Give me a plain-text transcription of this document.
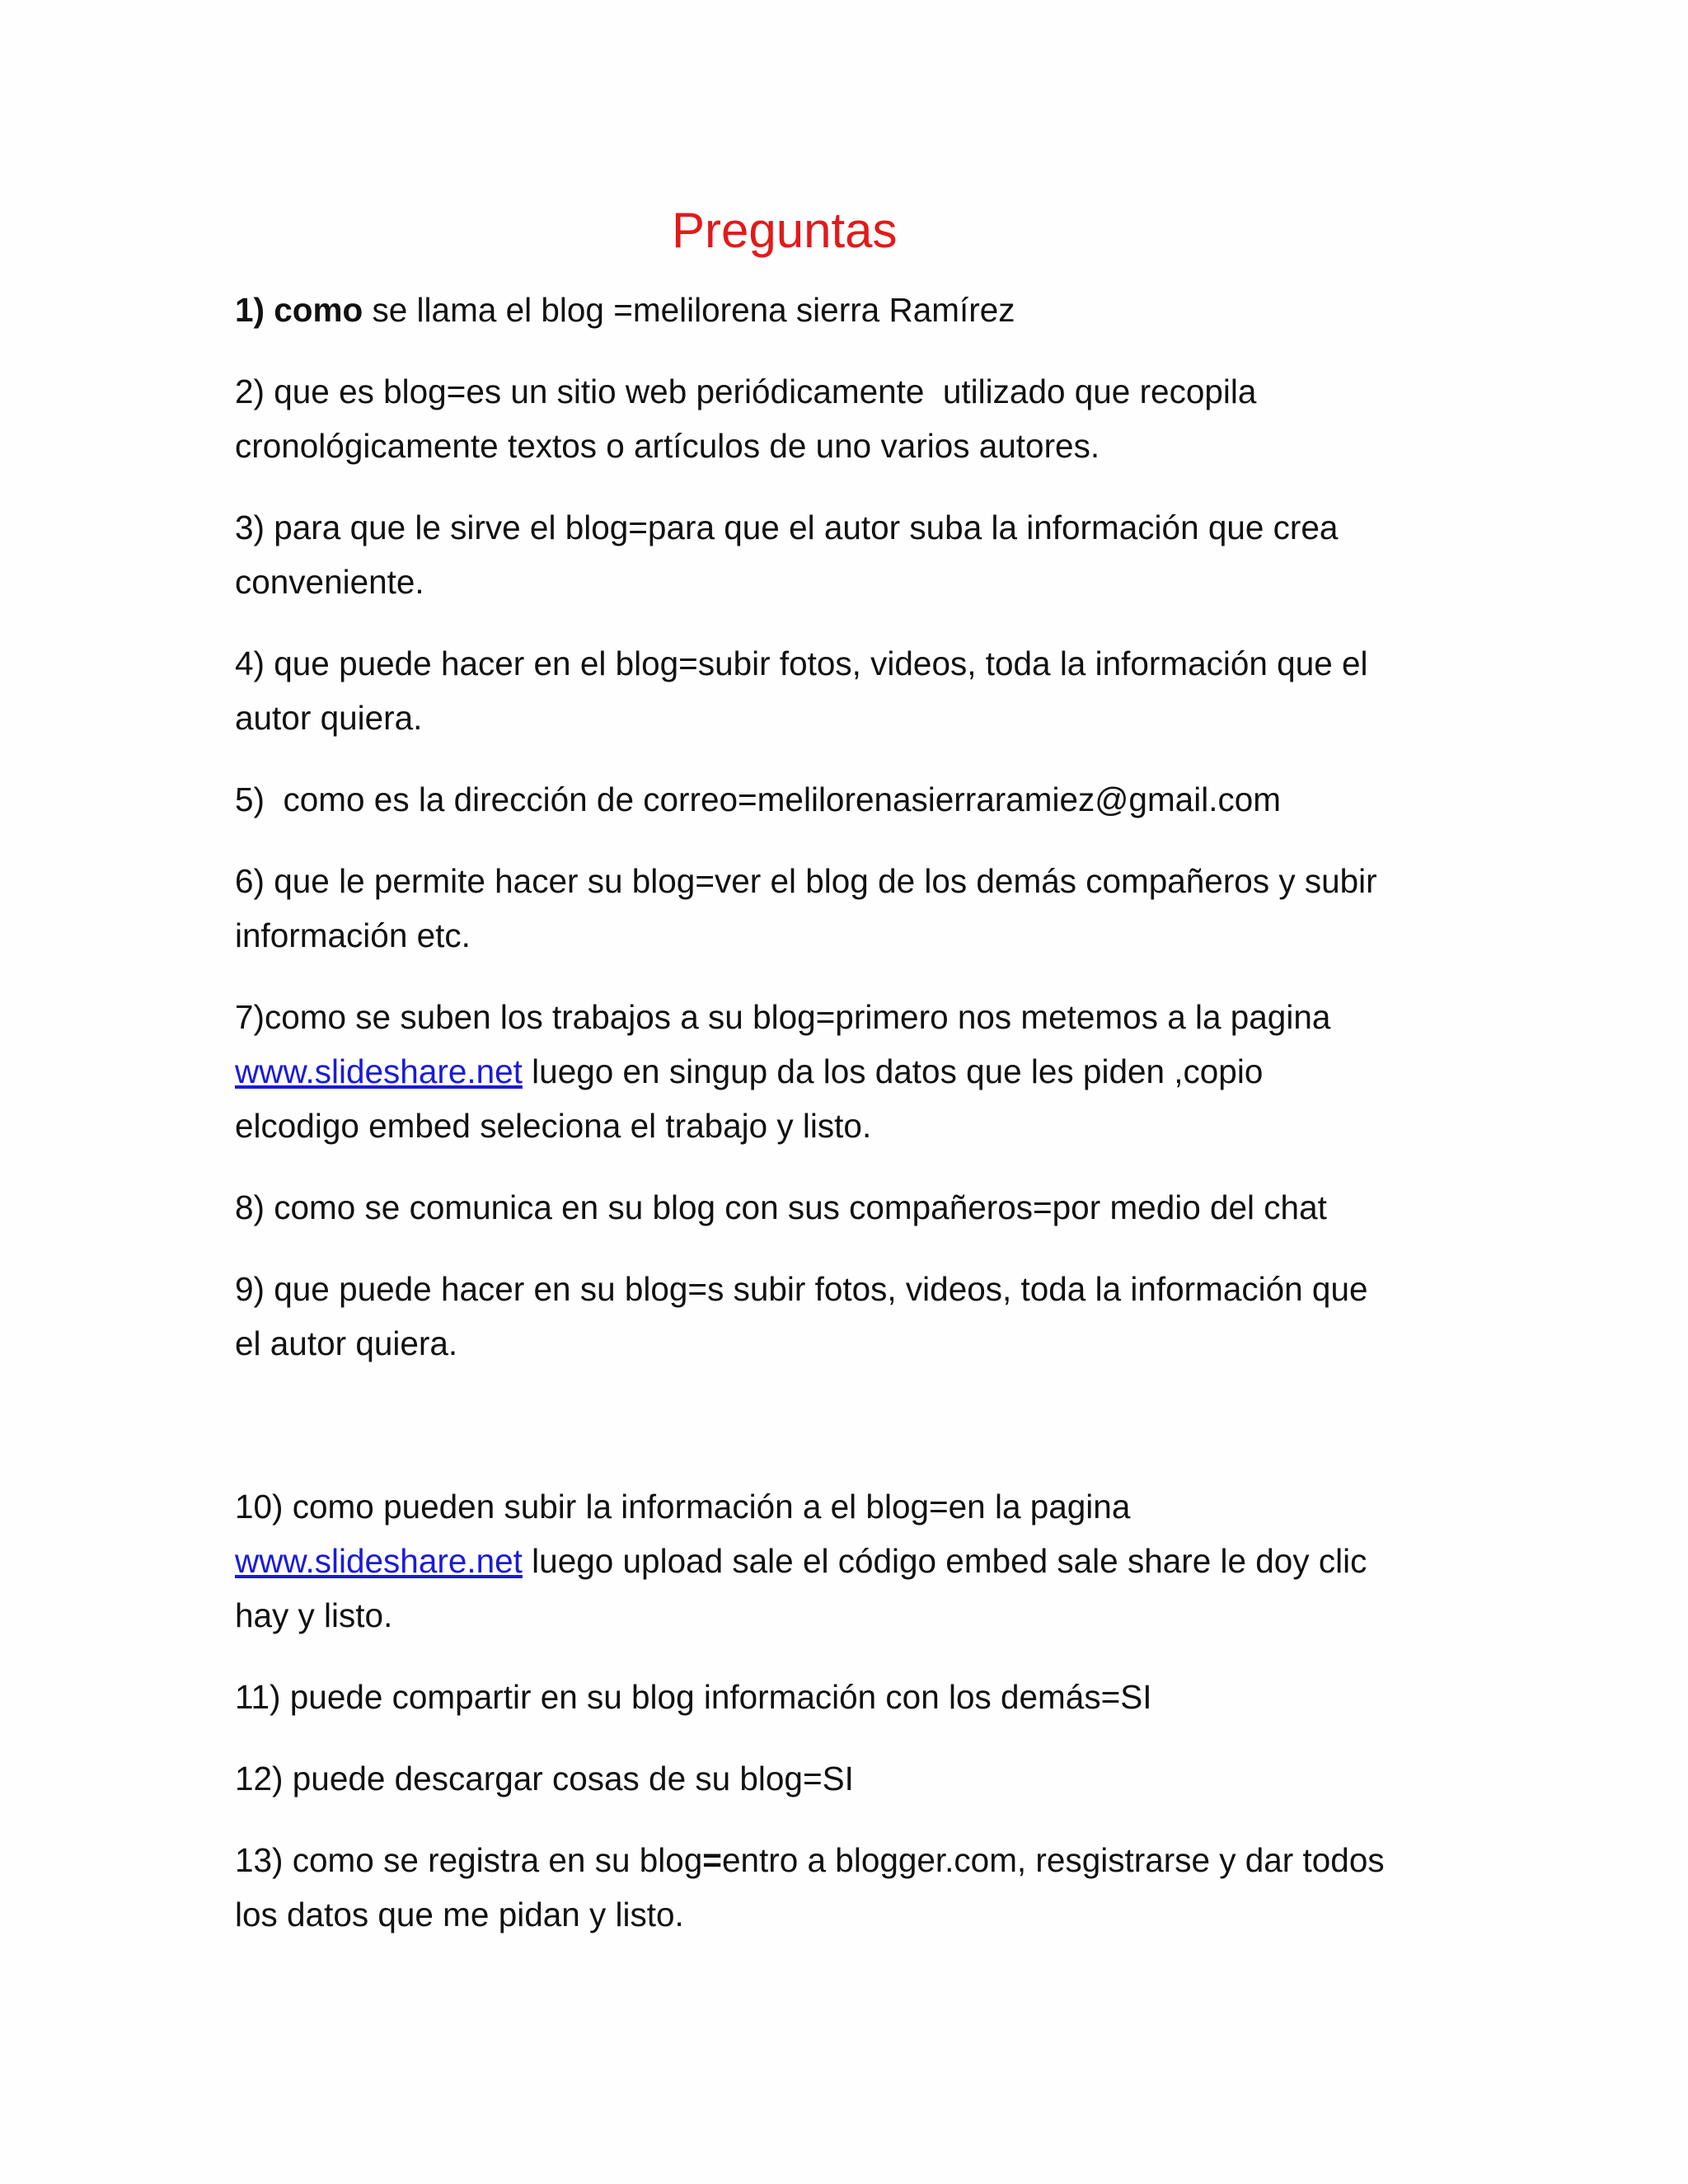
Preguntas

1) como se llama el blog =melilorena sierra Ramírez

2) que es blog=es un sitio web periódicamente  utilizado que recopila
cronológicamente textos o artículos de uno varios autores.

3) para que le sirve el blog=para que el autor suba la información que crea
conveniente.

4) que puede hacer en el blog=subir fotos, videos, toda la información que el
autor quiera.

5)  como es la dirección de correo=melilorenasierraramiez@gmail.com

6) que le permite hacer su blog=ver el blog de los demás compañeros y subir
información etc.

7)como se suben los trabajos a su blog=primero nos metemos a la pagina
www.slideshare.net luego en singup da los datos que les piden ,copio
elcodigo embed seleciona el trabajo y listo.

8) como se comunica en su blog con sus compañeros=por medio del chat

9) que puede hacer en su blog=s subir fotos, videos, toda la información que
el autor quiera.

10) como pueden subir la información a el blog=en la pagina
www.slideshare.net luego upload sale el código embed sale share le doy clic
hay y listo.

11) puede compartir en su blog información con los demás=SI

12) puede descargar cosas de su blog=SI

13) como se registra en su blog=entro a blogger.com, resgistrarse y dar todos
los datos que me pidan y listo.
